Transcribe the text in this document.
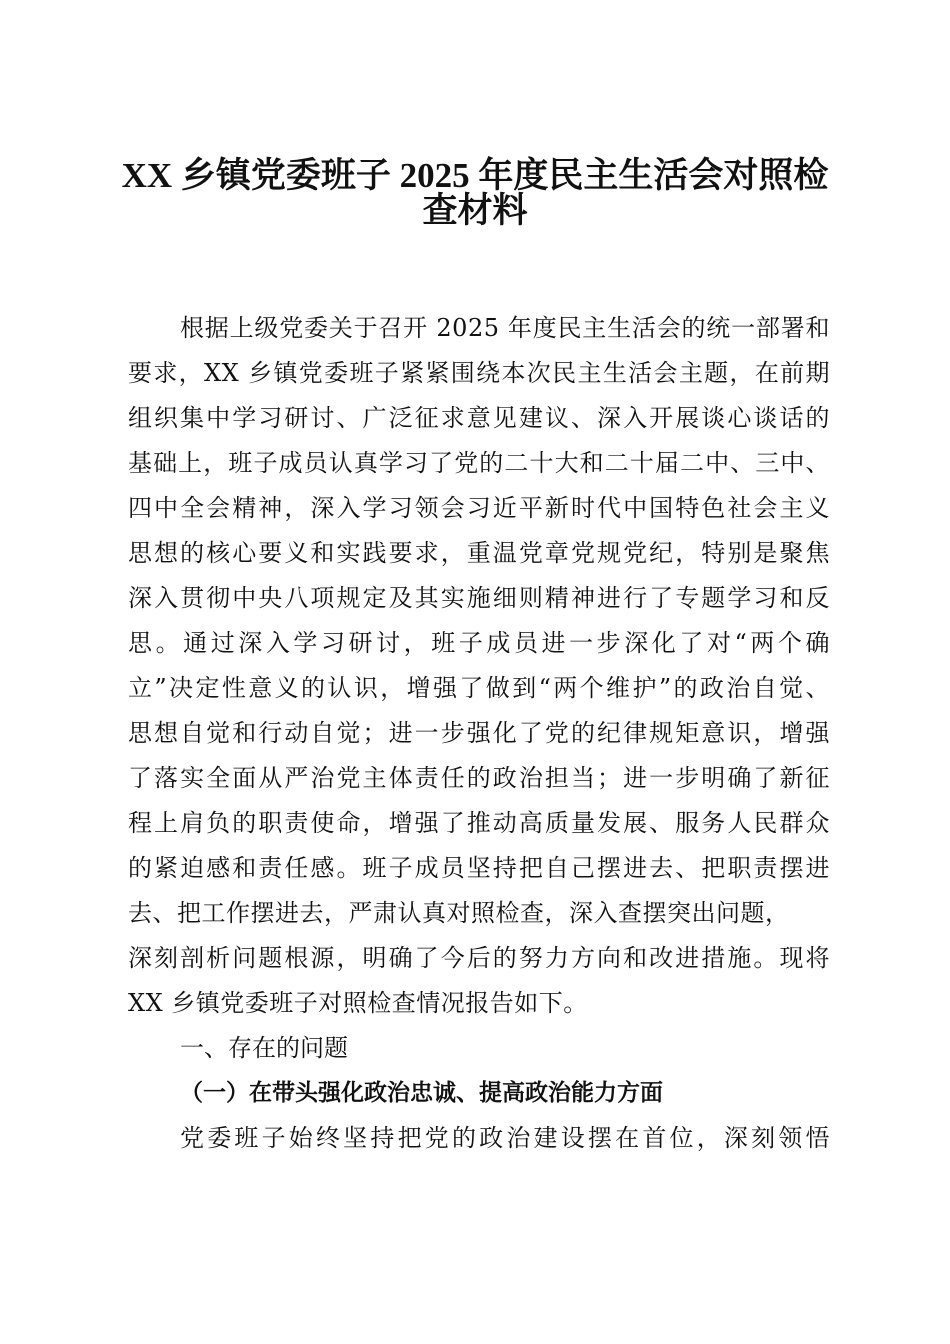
XX 乡镇党委班子 2025 年度民主生活会对照检
查材料
根据上级党委关于召开 2025 年度民主生活会的统一部署和
要求，XX 乡镇党委班子紧紧围绕本次民主生活会主题，在前期
组织集中学习研讨、广泛征求意见建议、深入开展谈心谈话的
基础上，班子成员认真学习了党的二十大和二十届二中、三中、
四中全会精神，深入学习领会习近平新时代中国特色社会主义
思想的核心要义和实践要求，重温党章党规党纪，特别是聚焦
深入贯彻中央八项规定及其实施细则精神进行了专题学习和反
思。通过深入学习研讨，班子成员进一步深化了对“两个确
立”决定性意义的认识，增强了做到“两个维护”的政治自觉、
思想自觉和行动自觉；进一步强化了党的纪律规矩意识，增强
了落实全面从严治党主体责任的政治担当；进一步明确了新征
程上肩负的职责使命，增强了推动高质量发展、服务人民群众
的紧迫感和责任感。班子成员坚持把自己摆进去、把职责摆进
去、把工作摆进去，严肃认真对照检查，深入查摆突出问题，
深刻剖析问题根源，明确了今后的努力方向和改进措施。现将
XX 乡镇党委班子对照检查情况报告如下。
一、存在的问题
（一）在带头强化政治忠诚、提高政治能力方面
党委班子始终坚持把党的政治建设摆在首位，深刻领悟
